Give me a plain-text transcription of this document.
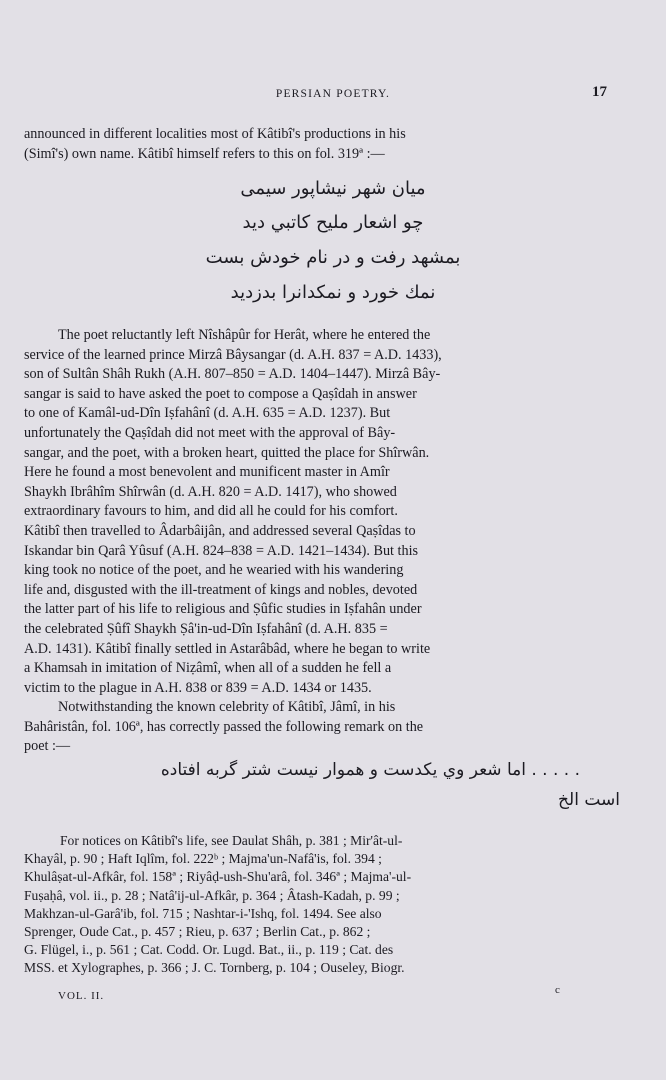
PERSIAN POETRY.	17
announced in different localities most of Kâtibî's productions in his
(Simî's) own name. Kâtibî himself refers to this on fol. 319ª :—
میان شهر نیشاپور سیمی
چو اشعار ملیح کاتبي دید
بمشهد رفت و در نام خودش بست
نمك خورد و نمکدانرا بدزدید
The poet reluctantly left Nîshâpûr for Herât, where he entered the
service of the learned prince Mirzâ Bâysangar (d. A.H. 837 = A.D. 1433),
son of Sultân Shâh Rukh (A.H. 807–850 = A.D. 1404–1447). Mirzâ Bây-
sangar is said to have asked the poet to compose a Qaṣîdah in answer
to one of Kamâl-ud-Dîn Iṣfahânî (d. A.H. 635 = A.D. 1237). But
unfortunately the Qaṣîdah did not meet with the approval of Bây-
sangar, and the poet, with a broken heart, quitted the place for Shîrwân.
Here he found a most benevolent and munificent master in Amîr
Shaykh Ibrâhîm Shîrwân (d. A.H. 820 = A.D. 1417), who showed
extraordinary favours to him, and did all he could for his comfort.
Kâtibî then travelled to Âdarbâijân, and addressed several Qaṣîdas to
Iskandar bin Qarâ Yûsuf (A.H. 824–838 = A.D. 1421–1434). But this
king took no notice of the poet, and he wearied with his wandering
life and, disgusted with the ill-treatment of kings and nobles, devoted
the latter part of his life to religious and Ṣûfic studies in Iṣfahân under
the celebrated Ṣûfî Shaykh Ṣâ'in-ud-Dîn Iṣfahânî (d. A.H. 835 =
A.D. 1431). Kâtibî finally settled in Astarâbâd, where he began to write
a Khamsah in imitation of Niẓâmî, when all of a sudden he fell a
victim to the plague in A.H. 838 or 839 = A.D. 1434 or 1435.
Notwithstanding the known celebrity of Kâtibî, Jâmî, in his
Bahâristân, fol. 106ª, has correctly passed the following remark on the
poet :—
. . . . . اما شعر وي يکدست و هموار نيست شتر گربه افتاده
است الخ
For notices on Kâtibî's life, see Daulat Shâh, p. 381 ; Mir'ât-ul-
Khayâl, p. 90 ; Haft Iqlîm, fol. 222ᵇ ; Majma'un-Nafâ'is, fol. 394 ;
Khulâṣat-ul-Afkâr, fol. 158ª ; Riyâḍ-ush-Shu'arâ, fol. 346ª ; Majma'-ul-
Fuṣaḥâ, vol. ii., p. 28 ; Natâ'ij-ul-Afkâr, p. 364 ; Âtash-Kadah, p. 99 ;
Makhzan-ul-Garâ'ib, fol. 715 ; Nashtar-i-'Ishq, fol. 1494. See also
Sprenger, Oude Cat., p. 457 ; Rieu, p. 637 ; Berlin Cat., p. 862 ;
G. Flügel, i., p. 561 ; Cat. Codd. Or. Lugd. Bat., ii., p. 119 ; Cat. des
MSS. et Xylographes, p. 366 ; J. C. Tornberg, p. 104 ; Ouseley, Biogr.
VOL. II.	c
